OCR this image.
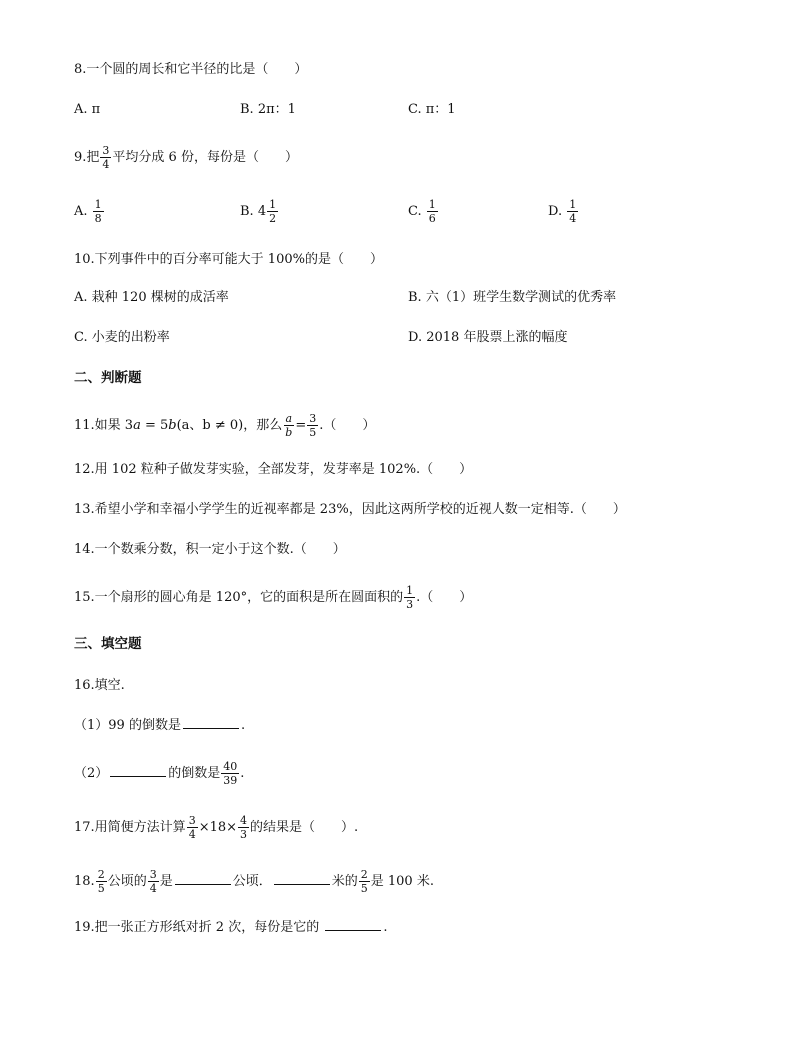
8.一个圆的周长和它半径的比是（　　）
A. π	B. 2π：1	C. π：1
9.把 $\frac{3}{4}$ 平均分成 6 份，每份是（　　）
A. $\frac{1}{8}$	B. $4 \frac{1}{2}$	C. $\frac{1}{6}$	D. $\frac{1}{4}$
10.下列事件中的百分率可能大于 100%的是（　　）
A. 栽种 120 棵树的成活率	B. 六（1）班学生数学测试的优秀率
C. 小麦的出粉率	D. 2018 年股票上涨的幅度
二、判断题
11.如果 3a = 5b(a、b ≠ 0)，那么 $\frac{a}{b} = \frac{3}{5}$ .（　　）
12.用 102 粒种子做发芽实验，全部发芽，发芽率是 102%.（　　）
13.希望小学和幸福小学学生的近视率都是 23%，因此这两所学校的近视人数一定相等.（　　）
14.一个数乘分数，积一定小于这个数.（　　）
15.一个扇形的圆心角是 120°，它的面积是所在圆面积的 $\frac{1}{3}$ .（　　）
三、填空题
16.填空.
（1）99 的倒数是	.
（2）	的倒数是 $\frac{40}{39}$ .
17.用简便方法计算 $\frac{3}{4} \times 18\times \frac{4}{3}$ 的结果是（　　）.
18. $\frac{2}{5}$ 公顷的 $\frac{3}{4}$ 是	公顷．	米的 $\frac{2}{5}$ 是 100 米.
19.把一张正方形纸对折 2 次，每份是它的	.
